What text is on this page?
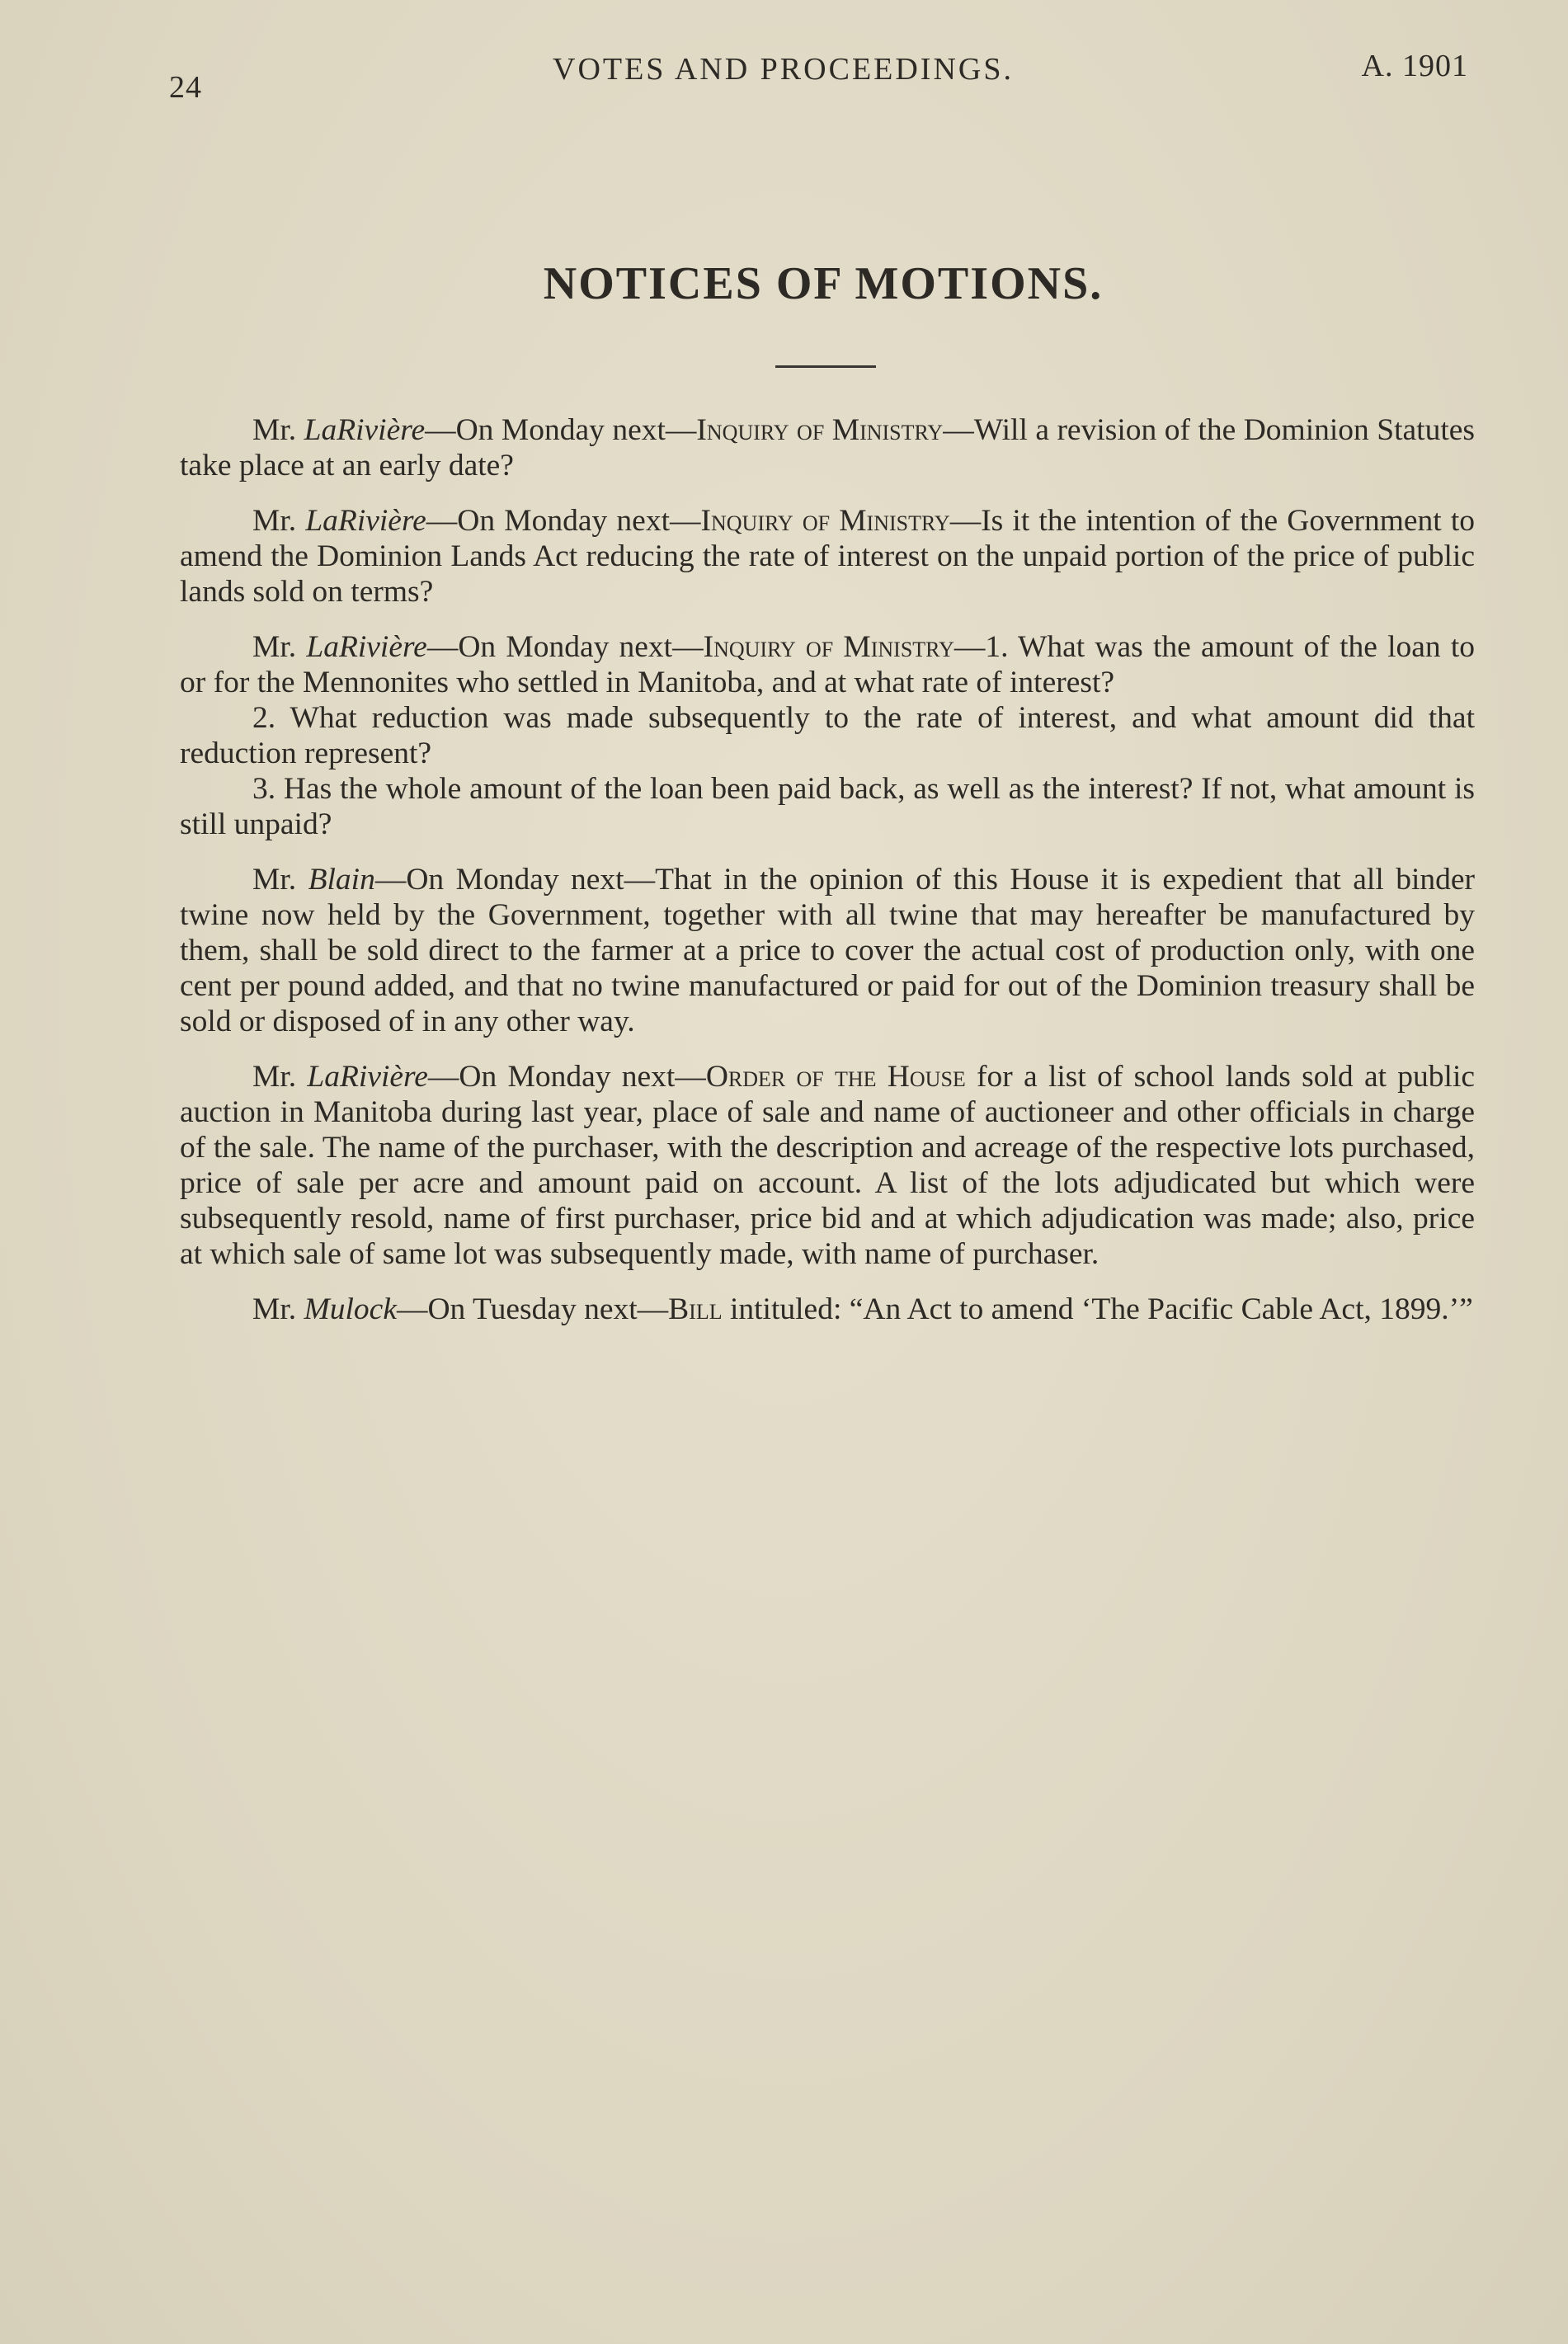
24
VOTES AND PROCEEDINGS.	A. 1901
NOTICES OF MOTIONS.

Mr. LaRivière—On Monday next—Inquiry of Ministry—Will a revision of the Dominion Statutes take place at an early date?

Mr. LaRivière—On Monday next—Inquiry of Ministry—Is it the intention of the Government to amend the Dominion Lands Act reducing the rate of interest on the unpaid portion of the price of public lands sold on terms?

Mr. LaRivière—On Monday next—Inquiry of Ministry—1. What was the amount of the loan to or for the Mennonites who settled in Manitoba, and at what rate of interest?

2. What reduction was made subsequently to the rate of interest, and what amount did that reduction represent?

3. Has the whole amount of the loan been paid back, as well as the interest? If not, what amount is still unpaid?

Mr. Blain—On Monday next—That in the opinion of this House it is expedient that all binder twine now held by the Government, together with all twine that may hereafter be manufactured by them, shall be sold direct to the farmer at a price to cover the actual cost of production only, with one cent per pound added, and that no twine manufactured or paid for out of the Dominion treasury shall be sold or disposed of in any other way.

Mr. LaRivière—On Monday next—Order of the House for a list of school lands sold at public auction in Manitoba during last year, place of sale and name of auctioneer and other officials in charge of the sale. The name of the purchaser, with the description and acreage of the respective lots purchased, price of sale per acre and amount paid on account. A list of the lots adjudicated but which were subsequently resold, name of first purchaser, price bid and at which adjudication was made; also, price at which sale of same lot was subsequently made, with name of purchaser.

Mr. Mulock—On Tuesday next—Bill intituled: “An Act to amend ‘The Pacific Cable Act, 1899.’”
